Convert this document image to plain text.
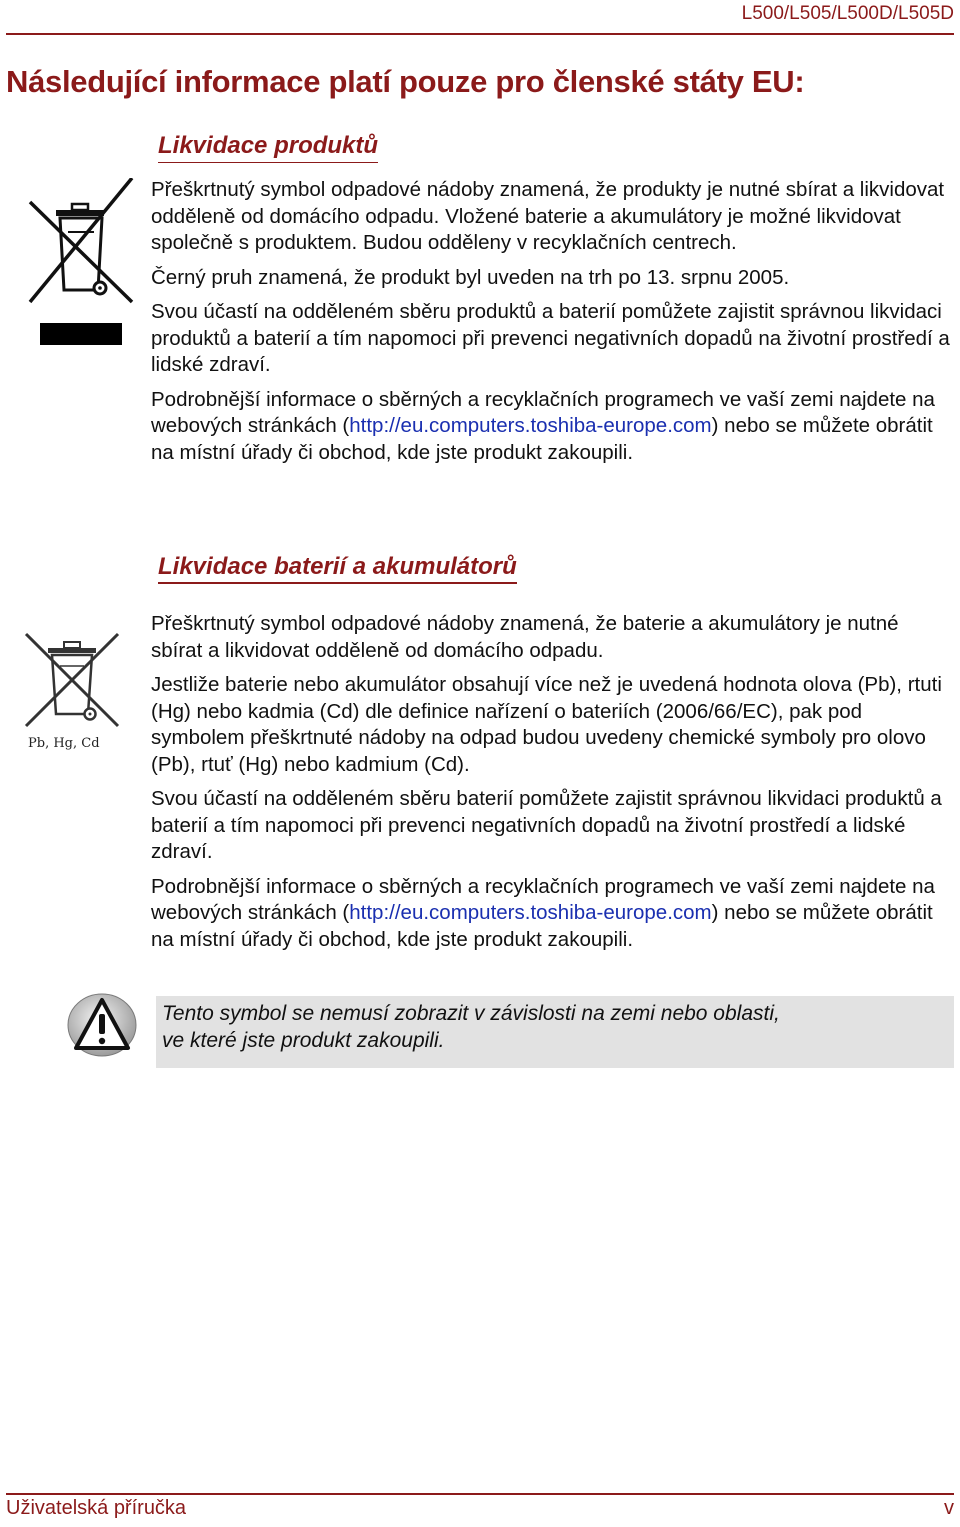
L500/L505/L500D/L505D
Následující informace platí pouze pro členské státy EU:
Likvidace produktů

Přeškrtnutý symbol odpadové nádoby znamená, že produkty je nutné sbírat a likvidovat odděleně od domácího odpadu. Vložené baterie a akumulátory je možné likvidovat společně s produktem. Budou odděleny v recyklačních centrech.

Černý pruh znamená, že produkt byl uveden na trh po 13. srpnu 2005.

Svou účastí na odděleném sběru produktů a baterií pomůžete zajistit správnou likvidaci produktů a baterií a tím napomoci při prevenci negativních dopadů na životní prostředí a lidské zdraví.

Podrobnější informace o sběrných a recyklačních programech ve vaší zemi najdete na webových stránkách (http://eu.computers.toshiba-europe.com) nebo se můžete obrátit na místní úřady či obchod, kde jste produkt zakoupili.

Likvidace baterií a akumulátorů
Pb, Hg, Cd

Přeškrtnutý symbol odpadové nádoby znamená, že baterie a akumulátory je nutné sbírat a likvidovat odděleně od domácího odpadu.

Jestliže baterie nebo akumulátor obsahují více než je uvedená hodnota olova (Pb), rtuti (Hg) nebo kadmia (Cd) dle definice nařízení o bateriích (2006/66/EC), pak pod symbolem přeškrtnuté nádoby na odpad budou uvedeny chemické symboly pro olovo (Pb), rtuť (Hg) nebo kadmium (Cd).

Svou účastí na odděleném sběru baterií pomůžete zajistit správnou likvidaci produktů a baterií a tím napomoci při prevenci negativních dopadů na životní prostředí a lidské zdraví.

Podrobnější informace o sběrných a recyklačních programech ve vaší zemi najdete na webových stránkách (http://eu.computers.toshiba-europe.com) nebo se můžete obrátit na místní úřady či obchod, kde jste produkt zakoupili.

Tento symbol se nemusí zobrazit v závislosti na zemi nebo oblasti,
ve které jste produkt zakoupili.

Uživatelská příručka	v
